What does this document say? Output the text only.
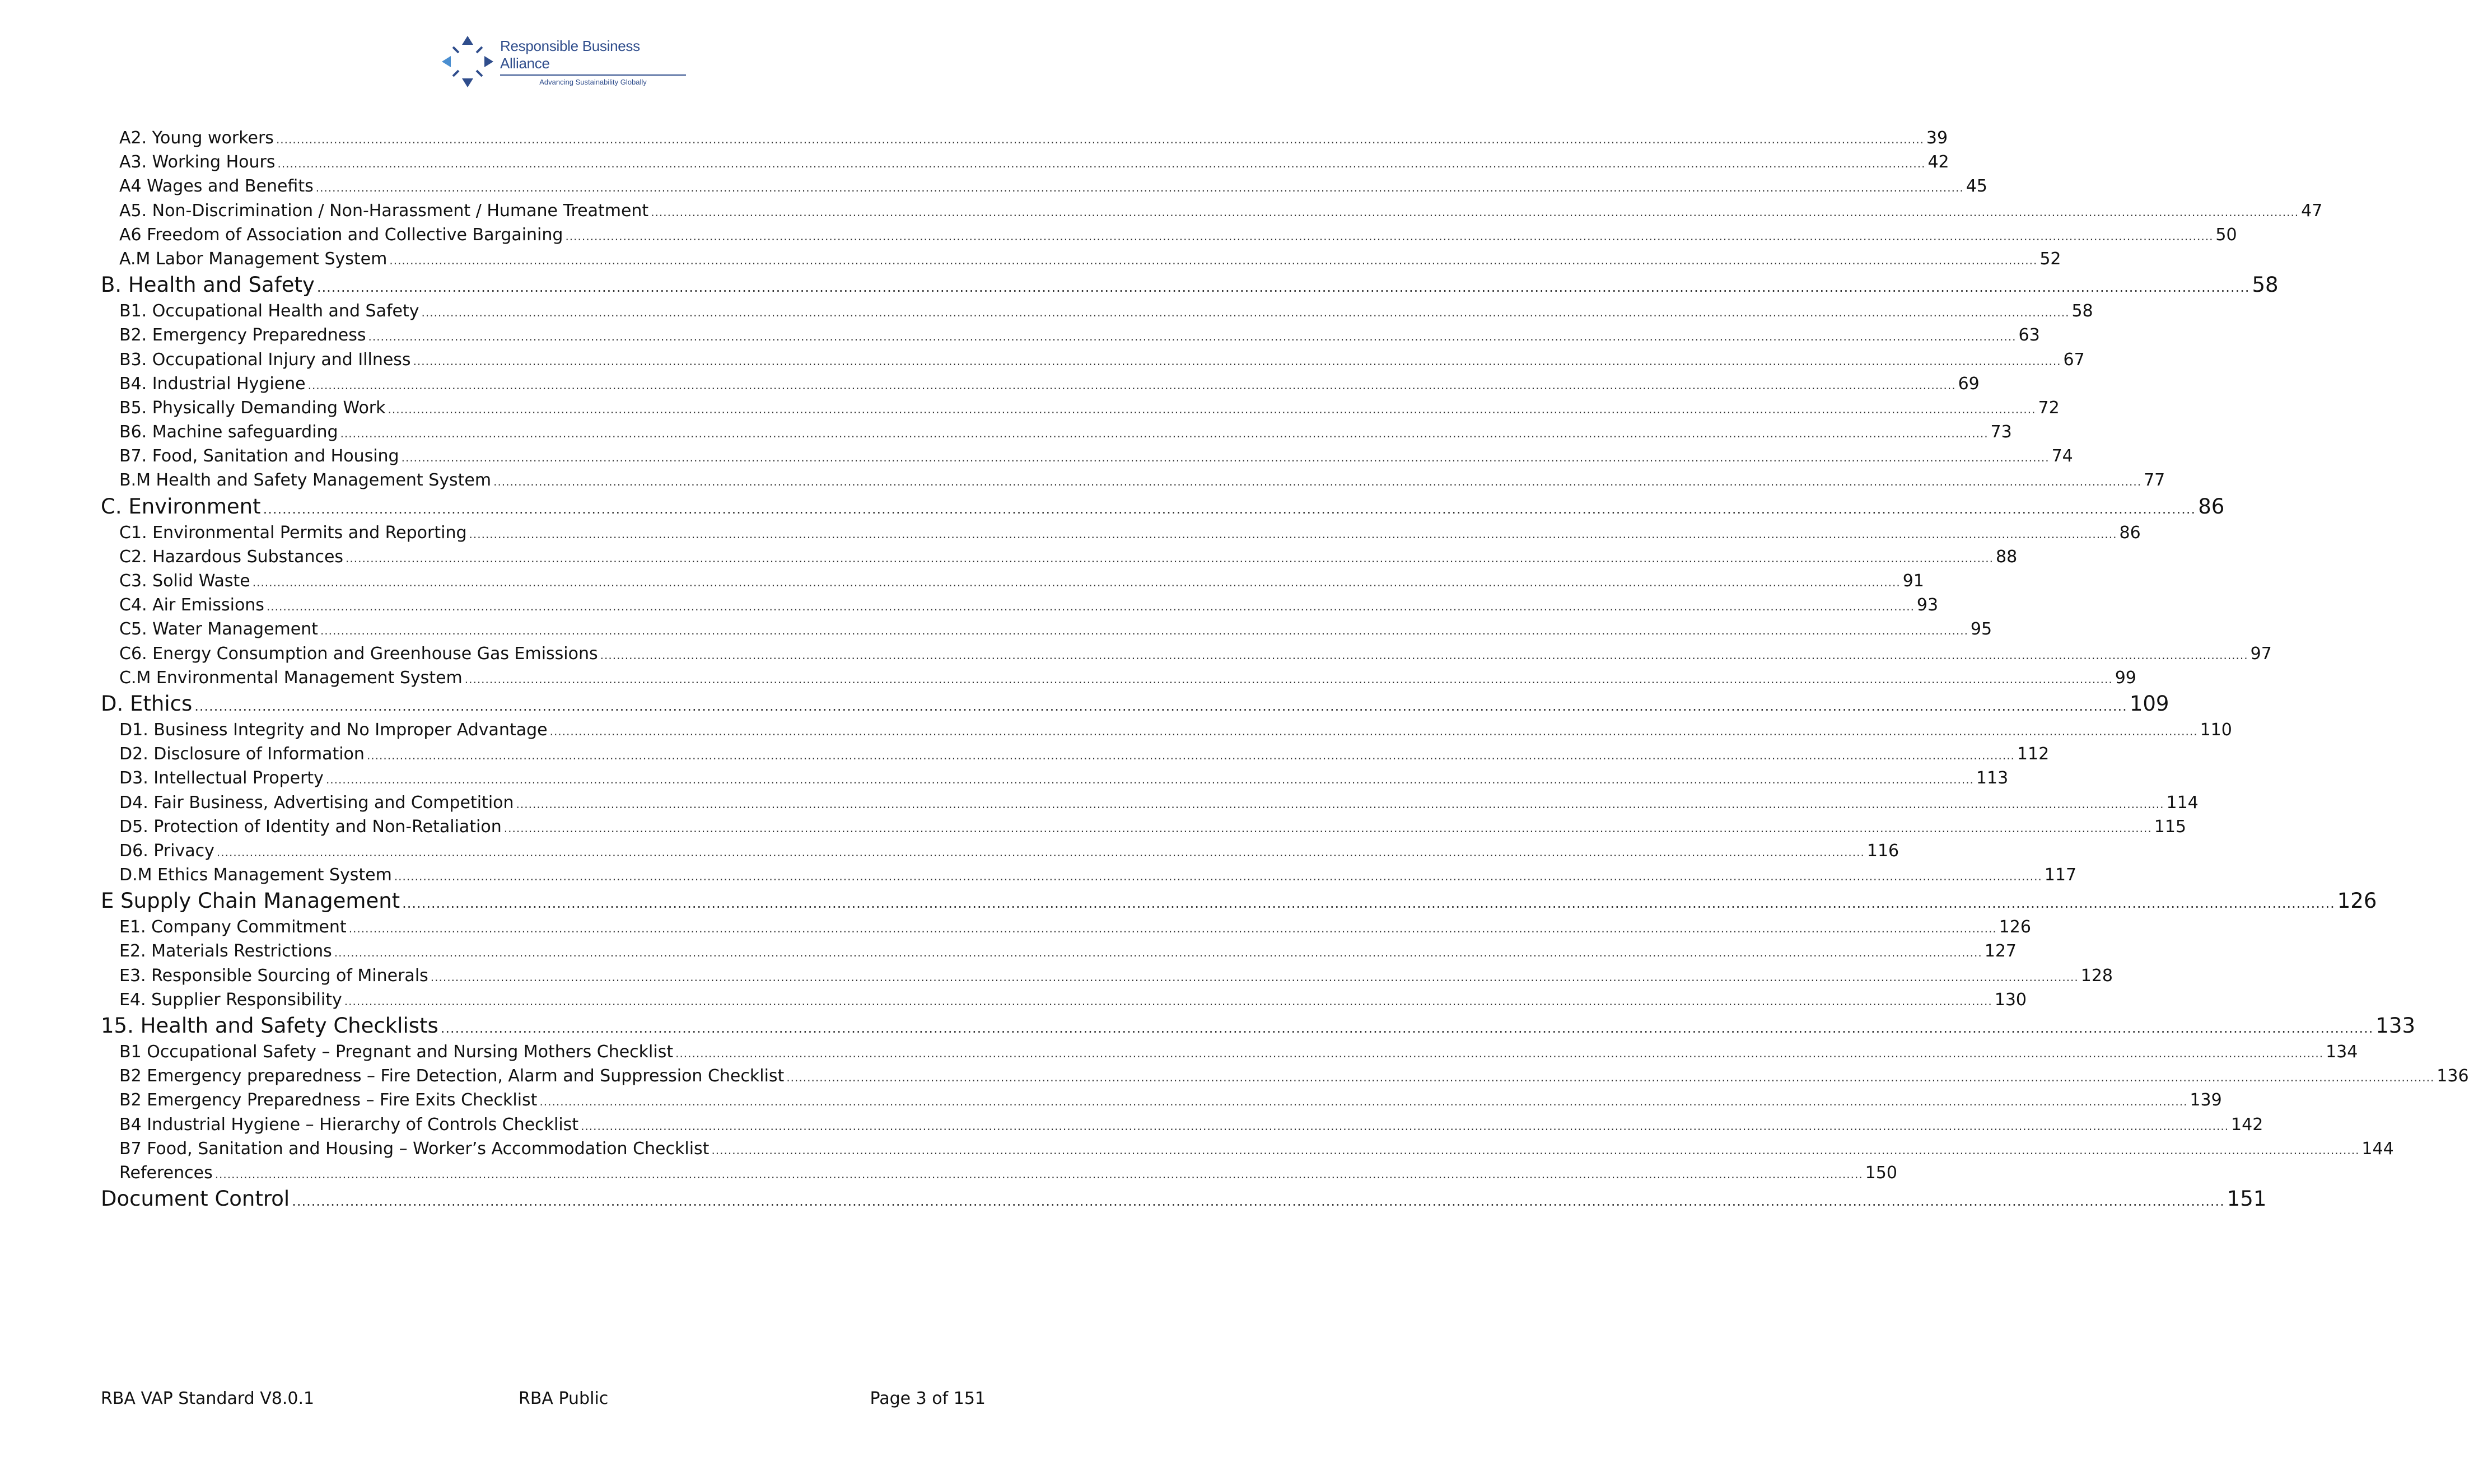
Responsible Business Alliance
Advancing Sustainability Globally
A2. Young workers ................................................................................................................................................................................................................................................................................................................................................................................................................ 39
A3. Working Hours ................................................................................................................................................................................................................................................................................................................................................................................................................ 42
A4 Wages and Benefits ................................................................................................................................................................................................................................................................................................................................................................................................................ 45
A5. Non-Discrimination / Non-Harassment / Humane Treatment ................................................................................................................................................................................................................................................................................................................................................................................................................ 47
A6 Freedom of Association and Collective Bargaining ................................................................................................................................................................................................................................................................................................................................................................................................................ 50
A.M Labor Management System ................................................................................................................................................................................................................................................................................................................................................................................................................ 52
B. Health and Safety ................................................................................................................................................................................................................................................................................................................................................................................................................ 58
B1. Occupational Health and Safety ................................................................................................................................................................................................................................................................................................................................................................................................................ 58
B2. Emergency Preparedness ................................................................................................................................................................................................................................................................................................................................................................................................................ 63
B3. Occupational Injury and Illness ................................................................................................................................................................................................................................................................................................................................................................................................................ 67
B4. Industrial Hygiene ................................................................................................................................................................................................................................................................................................................................................................................................................ 69
B5. Physically Demanding Work ................................................................................................................................................................................................................................................................................................................................................................................................................ 72
B6. Machine safeguarding ................................................................................................................................................................................................................................................................................................................................................................................................................ 73
B7. Food, Sanitation and Housing ................................................................................................................................................................................................................................................................................................................................................................................................................ 74
B.M Health and Safety Management System ................................................................................................................................................................................................................................................................................................................................................................................................................ 77
C. Environment ................................................................................................................................................................................................................................................................................................................................................................................................................ 86
C1. Environmental Permits and Reporting ................................................................................................................................................................................................................................................................................................................................................................................................................ 86
C2. Hazardous Substances ................................................................................................................................................................................................................................................................................................................................................................................................................ 88
C3. Solid Waste ................................................................................................................................................................................................................................................................................................................................................................................................................ 91
C4. Air Emissions ................................................................................................................................................................................................................................................................................................................................................................................................................ 93
C5. Water Management ................................................................................................................................................................................................................................................................................................................................................................................................................ 95
C6. Energy Consumption and Greenhouse Gas Emissions ................................................................................................................................................................................................................................................................................................................................................................................................................ 97
C.M Environmental Management System ................................................................................................................................................................................................................................................................................................................................................................................................................ 99
D. Ethics ................................................................................................................................................................................................................................................................................................................................................................................................................ 109
D1. Business Integrity and No Improper Advantage ................................................................................................................................................................................................................................................................................................................................................................................................................ 110
D2. Disclosure of Information ................................................................................................................................................................................................................................................................................................................................................................................................................ 112
D3. Intellectual Property ................................................................................................................................................................................................................................................................................................................................................................................................................ 113
D4. Fair Business, Advertising and Competition ................................................................................................................................................................................................................................................................................................................................................................................................................ 114
D5. Protection of Identity and Non-Retaliation ................................................................................................................................................................................................................................................................................................................................................................................................................ 115
D6. Privacy ................................................................................................................................................................................................................................................................................................................................................................................................................ 116
D.M Ethics Management System ................................................................................................................................................................................................................................................................................................................................................................................................................ 117
E Supply Chain Management ................................................................................................................................................................................................................................................................................................................................................................................................................ 126
E1. Company Commitment ................................................................................................................................................................................................................................................................................................................................................................................................................ 126
E2. Materials Restrictions ................................................................................................................................................................................................................................................................................................................................................................................................................ 127
E3. Responsible Sourcing of Minerals ................................................................................................................................................................................................................................................................................................................................................................................................................ 128
E4. Supplier Responsibility ................................................................................................................................................................................................................................................................................................................................................................................................................ 130
15. Health and Safety Checklists ................................................................................................................................................................................................................................................................................................................................................................................................................ 133
B1 Occupational Safety – Pregnant and Nursing Mothers Checklist ................................................................................................................................................................................................................................................................................................................................................................................................................ 134
B2 Emergency preparedness – Fire Detection, Alarm and Suppression Checklist ................................................................................................................................................................................................................................................................................................................................................................................................................ 136
B2 Emergency Preparedness – Fire Exits Checklist ................................................................................................................................................................................................................................................................................................................................................................................................................ 139
B4 Industrial Hygiene – Hierarchy of Controls Checklist ................................................................................................................................................................................................................................................................................................................................................................................................................ 142
B7 Food, Sanitation and Housing – Worker’s Accommodation Checklist ................................................................................................................................................................................................................................................................................................................................................................................................................ 144
References ................................................................................................................................................................................................................................................................................................................................................................................................................ 150
Document Control ................................................................................................................................................................................................................................................................................................................................................................................................................ 151
RBA VAP Standard V8.0.1	RBA Public	Page 3 of 151
